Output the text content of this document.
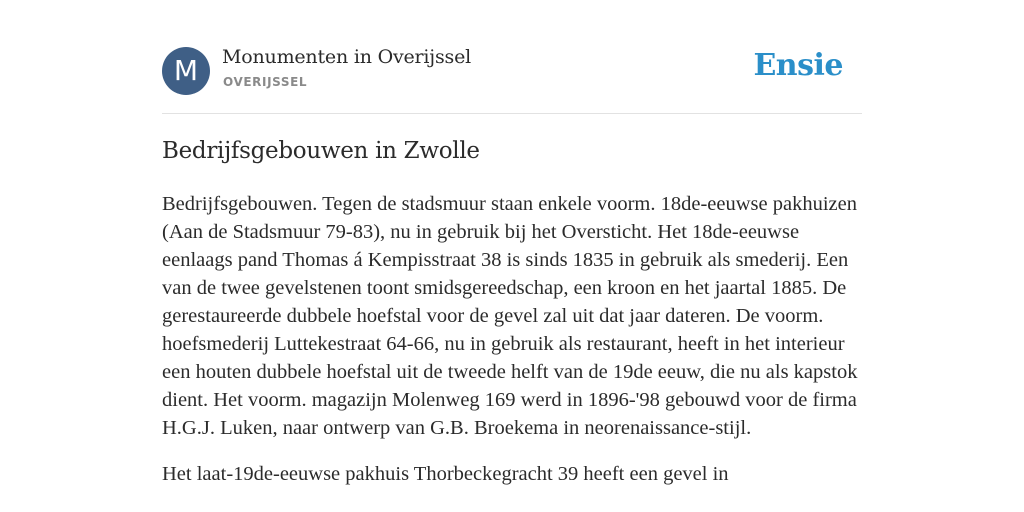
M	Monumenten in Overijssel
OVERIJSSEL	Ensie
Bedrijfsgebouwen in Zwolle

Bedrijfsgebouwen. Tegen de stadsmuur staan enkele voorm. 18de-eeuwse pakhuizen (Aan de Stadsmuur 79-83), nu in gebruik bij het Oversticht. Het 18de-eeuwse eenlaags pand Thomas á Kempisstraat 38 is sinds 1835 in gebruik als smederij. Een van de twee gevelstenen toont smidsgereedschap, een kroon en het jaartal 1885. De gerestaureerde dubbele hoefstal voor de gevel zal uit dat jaar dateren. De voorm. hoefsmederij Luttekestraat 64-66, nu in gebruik als restaurant, heeft in het interieur een houten dubbele hoefstal uit de tweede helft van de 19de eeuw, die nu als kapstok dient. Het voorm. magazijn Molenweg 169 werd in 1896-'98 gebouwd voor de firma H.G.J. Luken, naar ontwerp van G.B. Broekema in neorenaissance-stijl.

Het laat-19de-eeuwse pakhuis Thorbeckegracht 39 heeft een gevel in
